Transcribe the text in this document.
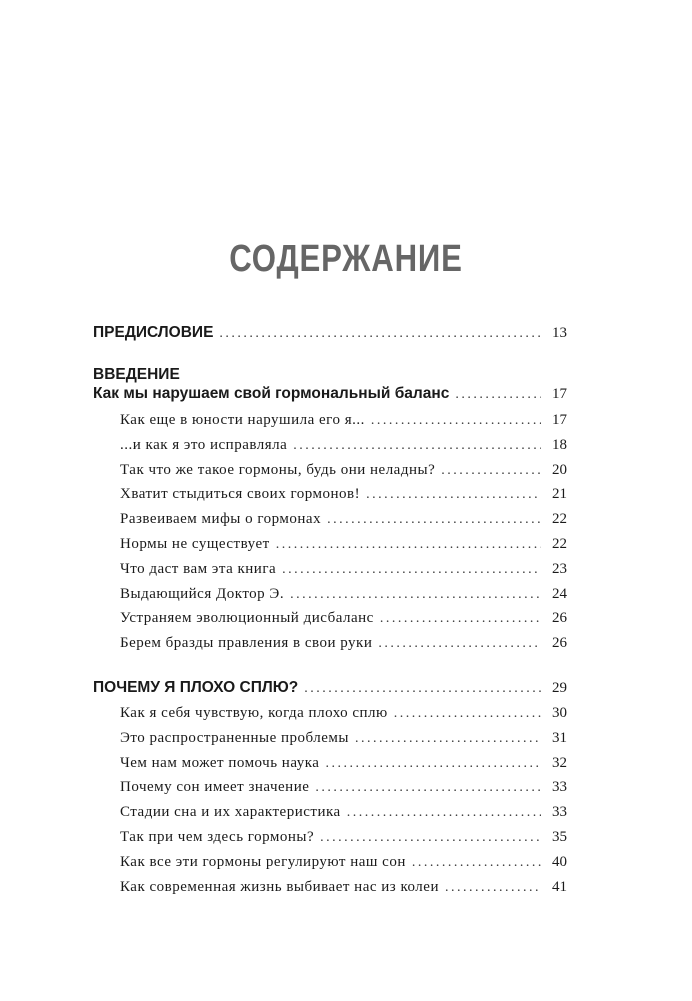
СОДЕРЖАНИЕ
ПРЕДИСЛОВИЕ . . .	13
ВВЕДЕНИЕ
Как мы нарушаем свой гормональный баланс . . .	17
Как еще в юности нарушила его я... . . .	17
...и как я это исправляла . . .	18
Так что же такое гормоны, будь они неладны? . . .	20
Хватит стыдиться своих гормонов! . . .	21
Развеиваем мифы о гормонах . . .	22
Нормы не существует . . .	22
Что даст вам эта книга . . .	23
Выдающийся Доктор Э. . . .	24
Устраняем эволюционный дисбаланс . . .	26
Берем бразды правления в свои руки . . .	26
ПОЧЕМУ Я ПЛОХО СПЛЮ? . . .	29
Как я себя чувствую, когда плохо сплю . . .	30
Это распространенные проблемы . . .	31
Чем нам может помочь наука . . .	32
Почему сон имеет значение . . .	33
Стадии сна и их характеристика . . .	33
Так при чем здесь гормоны? . . .	35
Как все эти гормоны регулируют наш сон . . .	40
Как современная жизнь выбивает нас из колеи . . .	41
